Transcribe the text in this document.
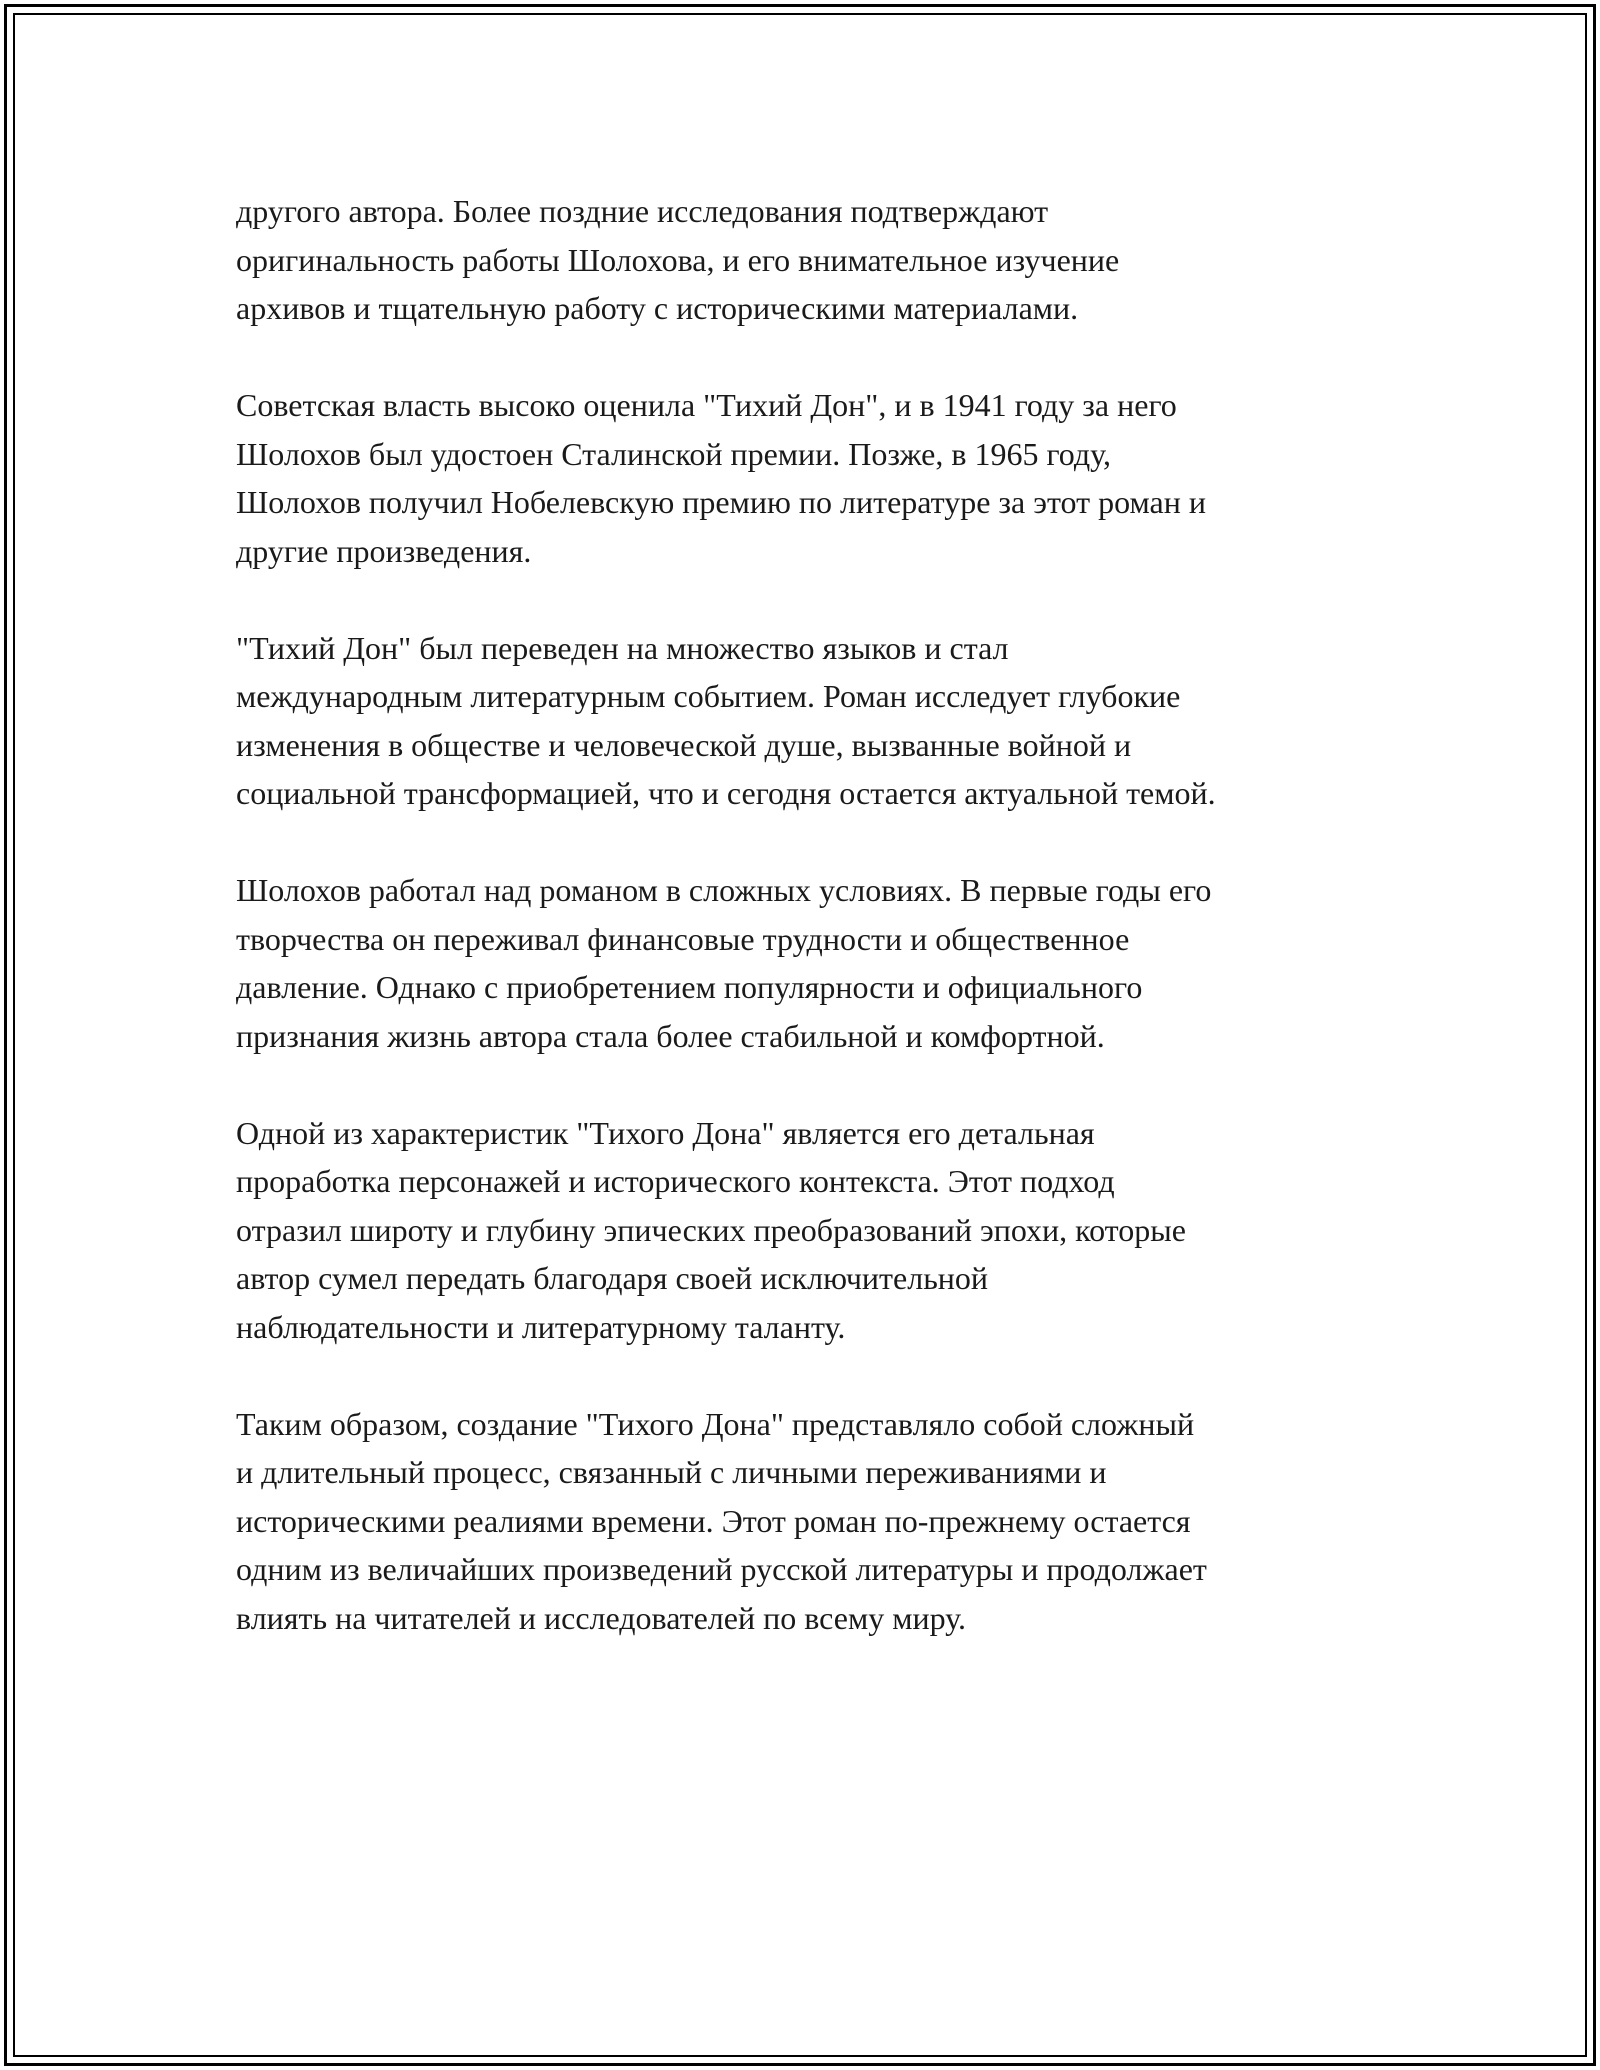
другого автора. Более поздние исследования подтверждают
оригинальность работы Шолохова, и его внимательное изучение
архивов и тщательную работу с историческими материалами.

Советская власть высоко оценила "Тихий Дон", и в 1941 году за него
Шолохов был удостоен Сталинской премии. Позже, в 1965 году,
Шолохов получил Нобелевскую премию по литературе за этот роман и
другие произведения.

"Тихий Дон" был переведен на множество языков и стал
международным литературным событием. Роман исследует глубокие
изменения в обществе и человеческой душе, вызванные войной и
социальной трансформацией, что и сегодня остается актуальной темой.

Шолохов работал над романом в сложных условиях. В первые годы его
творчества он переживал финансовые трудности и общественное
давление. Однако с приобретением популярности и официального
признания жизнь автора стала более стабильной и комфортной.

Одной из характеристик "Тихого Дона" является его детальная
проработка персонажей и исторического контекста. Этот подход
отразил широту и глубину эпических преобразований эпохи, которые
автор сумел передать благодаря своей исключительной
наблюдательности и литературному таланту.

Таким образом, создание "Тихого Дона" представляло собой сложный
и длительный процесс, связанный с личными переживаниями и
историческими реалиями времени. Этот роман по-прежнему остается
одним из величайших произведений русской литературы и продолжает
влиять на читателей и исследователей по всему миру.
